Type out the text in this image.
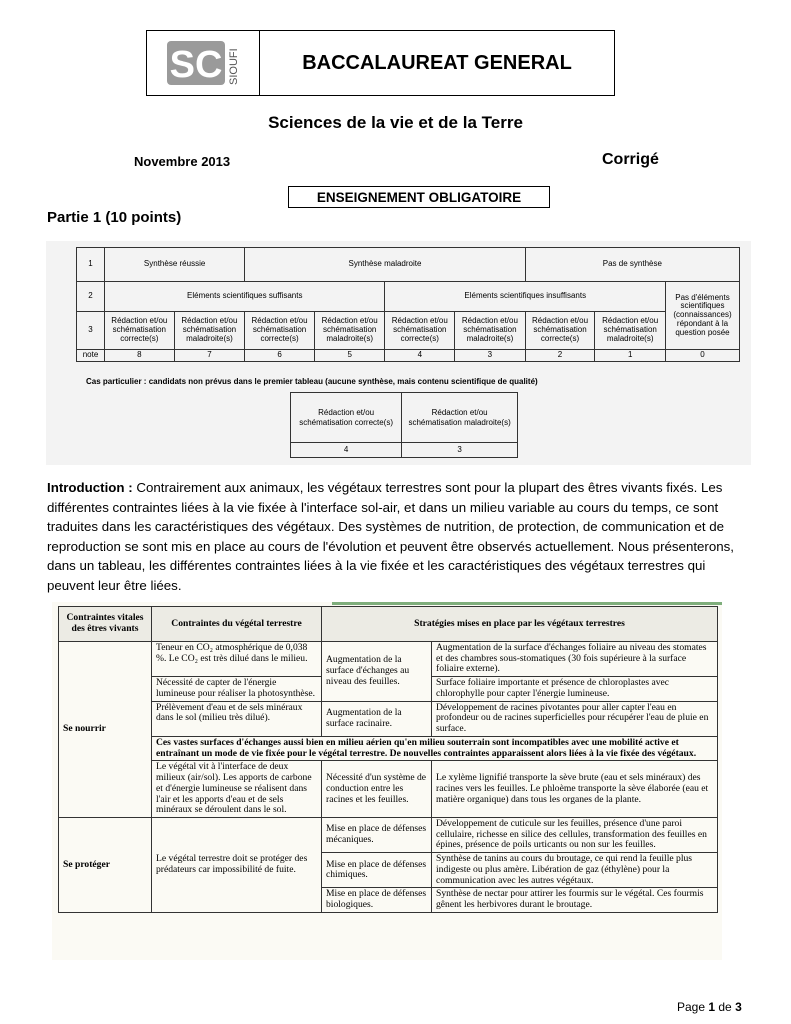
SC SIOUFI	BACCALAUREAT GENERAL
Sciences de la vie et de la Terre
Novembre 2013	Corrigé
ENSEIGNEMENT OBLIGATOIRE
Partie 1 (10 points)
1	Synthèse réussie		Synthèse maladroite				Pas de synthèse		
2	Eléments scientifiques suffisants				Eléments scientifiques insuffisants				Pas d'éléments scientifiques (connaissances) répondant à la question posée
3	Rédaction et/ou schématisation correcte(s)	Rédaction et/ou schématisation maladroite(s)	Rédaction et/ou schématisation correcte(s)	Rédaction et/ou schématisation maladroite(s)	Rédaction et/ou schématisation correcte(s)	Rédaction et/ou schématisation maladroite(s)	Rédaction et/ou schématisation correcte(s)	Rédaction et/ou schématisation maladroite(s)	
note	8	7	6	5	4	3	2	1	0
Cas particulier : candidats non prévus dans le premier tableau (aucune synthèse, mais contenu scientifique de qualité)
Rédaction et/ou schématisation correcte(s)	Rédaction et/ou schématisation maladroite(s)
4	3
Introduction : Contrairement aux animaux, les végétaux terrestres sont pour la plupart des êtres vivants fixés. Les différentes contraintes liées à la vie fixée à l'interface sol-air, et dans un milieu variable au cours du temps, ce sont traduites dans les caractéristiques des végétaux. Des systèmes de nutrition, de protection, de communication et de reproduction se sont mis en place au cours de l'évolution et peuvent être observés actuellement. Nous présenterons, dans un tableau, les différentes contraintes liées à la vie fixée et les caractéristiques des végétaux terrestres qui peuvent leur être liées.
Contraintes vitales des êtres vivants	Contraintes du végétal terrestre	Stratégies mises en place par les végétaux terrestres	
Se nourrir	Teneur en CO₂ atmosphérique de 0,038 %. Le CO₂ est très dilué dans le milieu.	Augmentation de la surface d'échanges au niveau des feuilles.	Augmentation de la surface d'échanges foliaire au niveau des stomates et des chambres sous-stomatiques (30 fois supérieure à la surface foliaire externe).
	Nécessité de capter de l'énergie lumineuse pour réaliser la photosynthèse.		Surface foliaire importante et présence de chloroplastes avec chlorophylle pour capter l'énergie lumineuse.
	Prélèvement d'eau et de sels minéraux dans le sol (milieu très dilué).	Augmentation de la surface racinaire.	Développement de racines pivotantes pour aller capter l'eau en profondeur ou de racines superficielles pour récupérer l'eau de pluie en surface.
	Ces vastes surfaces d'échanges aussi bien en milieu aérien qu'en milieu souterrain sont incompatibles avec une mobilité active et entraînant un mode de vie fixée pour le végétal terrestre. De nouvelles contraintes apparaissent alors liées à la vie fixée des végétaux.		
	Le végétal vit à l'interface de deux milieux (air/sol). Les apports de carbone et d'énergie lumineuse se réalisent dans l'air et les apports d'eau et de sels minéraux se déroulent dans le sol.	Nécessité d'un système de conduction entre les racines et les feuilles.	Le xylème lignifié transporte la sève brute (eau et sels minéraux) des racines vers les feuilles. Le phloème transporte la sève élaborée (eau et matière organique) dans tous les organes de la plante.
Se protéger	Le végétal terrestre doit se protéger des prédateurs car impossibilité de fuite.	Mise en place de défenses mécaniques.	Développement de cuticule sur les feuilles, présence d'une paroi cellulaire, richesse en silice des cellules, transformation des feuilles en épines, présence de poils urticants ou non sur les feuilles.
		Mise en place de défenses chimiques.	Synthèse de tanins au cours du broutage, ce qui rend la feuille plus indigeste ou plus amère. Libération de gaz (éthylène) pour la communication avec les autres végétaux.
		Mise en place de défenses biologiques.	Synthèse de nectar pour attirer les fourmis sur le végétal. Ces fourmis gênent les herbivores durant le broutage.
Page 1 de 3
